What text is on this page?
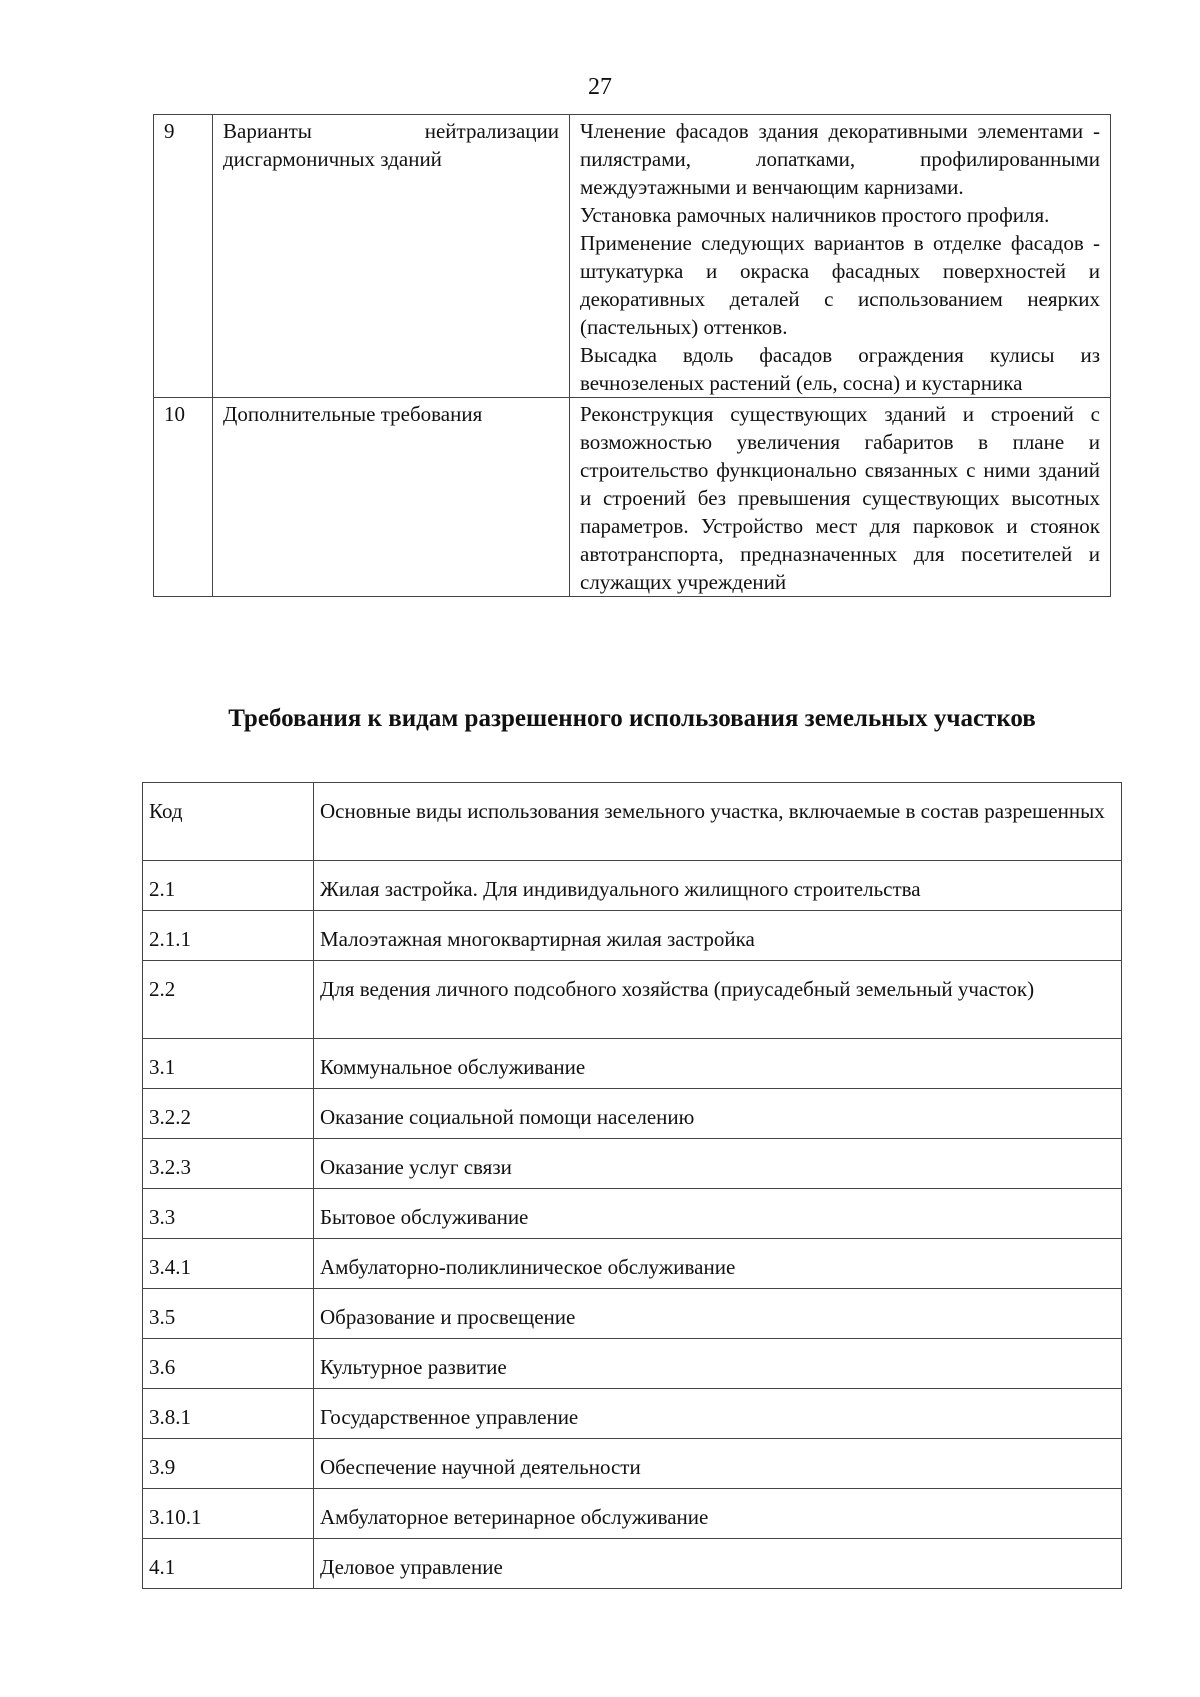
27
9	Варианты нейтрализации дисгармоничных зданий	Членение фасадов здания декоративными элементами - пилястрами, лопатками, профилированными междуэтажными и венчающим карнизами.

Установка рамочных наличников простого профиля.

Применение следующих вариантов в отделке фасадов - штукатурка и окраска фасадных поверхностей и декоративных деталей с использованием неярких (пастельных) оттенков.

Высадка вдоль фасадов ограждения кулисы из вечнозеленых растений (ель, сосна) и кустарника

10	Дополнительные требования	Реконструкция существующих зданий и строений с возможностью увеличения габаритов в плане и строительство функционально связанных с ними зданий и строений без превышения существующих высотных параметров. Устройство мест для парковок и стоянок автотранспорта, предназначенных для посетителей и служащих учреждений

Требования к видам разрешенного использования земельных участков
Код	Основные виды использования земельного участка, включаемые в состав разрешенных
2.1	Жилая застройка. Для индивидуального жилищного строительства
2.1.1	Малоэтажная многоквартирная жилая застройка
2.2	Для ведения личного подсобного хозяйства (приусадебный земельный участок)
3.1	Коммунальное обслуживание
3.2.2	Оказание социальной помощи населению
3.2.3	Оказание услуг связи
3.3	Бытовое обслуживание
3.4.1	Амбулаторно-поликлиническое обслуживание
3.5	Образование и просвещение
3.6	Культурное развитие
3.8.1	Государственное управление
3.9	Обеспечение научной деятельности
3.10.1	Амбулаторное ветеринарное обслуживание
4.1	Деловое управление
